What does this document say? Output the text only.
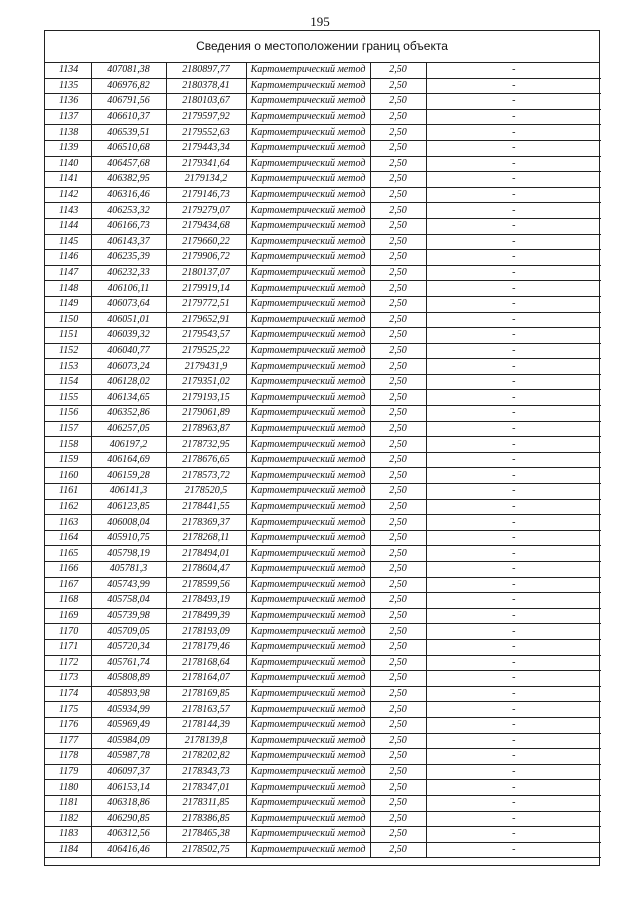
195
Сведения о местоположении границ объекта
1134	407081,38	2180897,77	Картометрический метод	2,50	-
1135	406976,82	2180378,41	Картометрический метод	2,50	-
1136	406791,56	2180103,67	Картометрический метод	2,50	-
1137	406610,37	2179597,92	Картометрический метод	2,50	-
1138	406539,51	2179552,63	Картометрический метод	2,50	-
1139	406510,68	2179443,34	Картометрический метод	2,50	-
1140	406457,68	2179341,64	Картометрический метод	2,50	-
1141	406382,95	2179134,2	Картометрический метод	2,50	-
1142	406316,46	2179146,73	Картометрический метод	2,50	-
1143	406253,32	2179279,07	Картометрический метод	2,50	-
1144	406166,73	2179434,68	Картометрический метод	2,50	-
1145	406143,37	2179660,22	Картометрический метод	2,50	-
1146	406235,39	2179906,72	Картометрический метод	2,50	-
1147	406232,33	2180137,07	Картометрический метод	2,50	-
1148	406106,11	2179919,14	Картометрический метод	2,50	-
1149	406073,64	2179772,51	Картометрический метод	2,50	-
1150	406051,01	2179652,91	Картометрический метод	2,50	-
1151	406039,32	2179543,57	Картометрический метод	2,50	-
1152	406040,77	2179525,22	Картометрический метод	2,50	-
1153	406073,24	2179431,9	Картометрический метод	2,50	-
1154	406128,02	2179351,02	Картометрический метод	2,50	-
1155	406134,65	2179193,15	Картометрический метод	2,50	-
1156	406352,86	2179061,89	Картометрический метод	2,50	-
1157	406257,05	2178963,87	Картометрический метод	2,50	-
1158	406197,2	2178732,95	Картометрический метод	2,50	-
1159	406164,69	2178676,65	Картометрический метод	2,50	-
1160	406159,28	2178573,72	Картометрический метод	2,50	-
1161	406141,3	2178520,5	Картометрический метод	2,50	-
1162	406123,85	2178441,55	Картометрический метод	2,50	-
1163	406008,04	2178369,37	Картометрический метод	2,50	-
1164	405910,75	2178268,11	Картометрический метод	2,50	-
1165	405798,19	2178494,01	Картометрический метод	2,50	-
1166	405781,3	2178604,47	Картометрический метод	2,50	-
1167	405743,99	2178599,56	Картометрический метод	2,50	-
1168	405758,04	2178493,19	Картометрический метод	2,50	-
1169	405739,98	2178499,39	Картометрический метод	2,50	-
1170	405709,05	2178193,09	Картометрический метод	2,50	-
1171	405720,34	2178179,46	Картометрический метод	2,50	-
1172	405761,74	2178168,64	Картометрический метод	2,50	-
1173	405808,89	2178164,07	Картометрический метод	2,50	-
1174	405893,98	2178169,85	Картометрический метод	2,50	-
1175	405934,99	2178163,57	Картометрический метод	2,50	-
1176	405969,49	2178144,39	Картометрический метод	2,50	-
1177	405984,09	2178139,8	Картометрический метод	2,50	-
1178	405987,78	2178202,82	Картометрический метод	2,50	-
1179	406097,37	2178343,73	Картометрический метод	2,50	-
1180	406153,14	2178347,01	Картометрический метод	2,50	-
1181	406318,86	2178311,85	Картометрический метод	2,50	-
1182	406290,85	2178386,85	Картометрический метод	2,50	-
1183	406312,56	2178465,38	Картометрический метод	2,50	-
1184	406416,46	2178502,75	Картометрический метод	2,50	-
